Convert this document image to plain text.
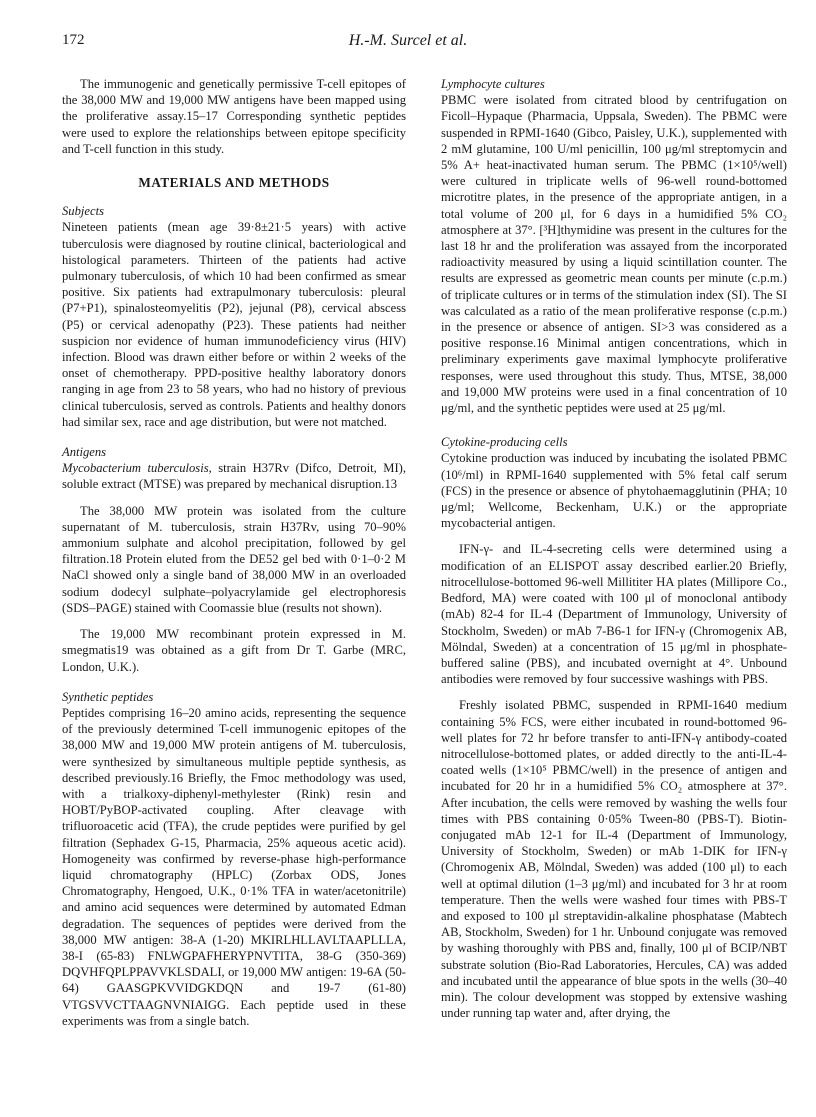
172	H.-M. Surcel et al.

The immunogenic and genetically permissive T-cell epitopes of the 38,000 MW and 19,000 MW antigens have been mapped using the proliferative assay.15–17 Corresponding synthetic peptides were used to explore the relationships between epitope specificity and T-cell function in this study.

MATERIALS AND METHODS
Subjects

Nineteen patients (mean age 39·8±21·5 years) with active tuberculosis were diagnosed by routine clinical, bacteriological and histological parameters. Thirteen of the patients had active pulmonary tuberculosis, of which 10 had been confirmed as smear positive. Six patients had extrapulmonary tuberculosis: pleural (P7+P1), spinalosteomyelitis (P2), jejunal (P8), cervical abscess (P5) or cervical adenopathy (P23). These patients had neither suspicion nor evidence of human immunodeficiency virus (HIV) infection. Blood was drawn either before or within 2 weeks of the onset of chemotherapy. PPD-positive healthy laboratory donors ranging in age from 23 to 58 years, who had no history of previous clinical tuberculosis, served as controls. Patients and healthy donors had similar sex, race and age distribution, but were not matched.

Antigens

Mycobacterium tuberculosis, strain H37Rv (Difco, Detroit, MI), soluble extract (MTSE) was prepared by mechanical disruption.13

The 38,000 MW protein was isolated from the culture supernatant of M. tuberculosis, strain H37Rv, using 70–90% ammonium sulphate and alcohol precipitation, followed by gel filtration.18 Protein eluted from the DE52 gel bed with 0·1–0·2 M NaCl showed only a single band of 38,000 MW in an overloaded sodium dodecyl sulphate–polyacrylamide gel electrophoresis (SDS–PAGE) stained with Coomassie blue (results not shown).

The 19,000 MW recombinant protein expressed in M. smegmatis19 was obtained as a gift from Dr T. Garbe (MRC, London, U.K.).

Synthetic peptides

Peptides comprising 16–20 amino acids, representing the sequence of the previously determined T-cell immunogenic epitopes of the 38,000 MW and 19,000 MW protein antigens of M. tuberculosis, were synthesized by simultaneous multiple peptide synthesis, as described previously.16 Briefly, the Fmoc methodology was used, with a trialkoxy-diphenyl-methylester (Rink) resin and HOBT/PyBOP-activated coupling. After cleavage with trifluoroacetic acid (TFA), the crude peptides were purified by gel filtration (Sephadex G-15, Pharmacia, 25% aqueous acetic acid). Homogeneity was confirmed by reverse-phase high-performance liquid chromatography (HPLC) (Zorbax ODS, Jones Chromatography, Hengoed, U.K., 0·1% TFA in water/acetonitrile) and amino acid sequences were determined by automated Edman degradation. The sequences of peptides were derived from the 38,000 MW antigen: 38-A (1-20) MKIRLHLLAVLTAAPLLLA, 38-I (65-83) FNLWGPAFHERYPNVTITA, 38-G (350-369) DQVHFQPLPPAVVKLSDALI, or 19,000 MW antigen: 19-6A (50-64) GAASGPKVVIDGKDQN and 19-7 (61-80) VTGSVVCTTAAGNVNIAIGG. Each peptide used in these experiments was from a single batch.

Lymphocyte cultures

PBMC were isolated from citrated blood by centrifugation on Ficoll–Hypaque (Pharmacia, Uppsala, Sweden). The PBMC were suspended in RPMI-1640 (Gibco, Paisley, U.K.), supplemented with 2 mM glutamine, 100 U/ml penicillin, 100 μg/ml streptomycin and 5% A+ heat-inactivated human serum. The PBMC (1×10⁵/well) were cultured in triplicate wells of 96-well round-bottomed microtitre plates, in the presence of the appropriate antigen, in a total volume of 200 μl, for 6 days in a humidified 5% CO₂ atmosphere at 37°. [³H]thymidine was present in the cultures for the last 18 hr and the proliferation was assayed from the incorporated radioactivity measured by using a liquid scintillation counter. The results are expressed as geometric mean counts per minute (c.p.m.) of triplicate cultures or in terms of the stimulation index (SI). The SI was calculated as a ratio of the mean proliferative response (c.p.m.) in the presence or absence of antigen. SI>3 was considered as a positive response.16 Minimal antigen concentrations, which in preliminary experiments gave maximal lymphocyte proliferative responses, were used throughout this study. Thus, MTSE, 38,000 and 19,000 MW proteins were used in a final concentration of 10 μg/ml, and the synthetic peptides were used at 25 μg/ml.

Cytokine-producing cells

Cytokine production was induced by incubating the isolated PBMC (10⁶/ml) in RPMI-1640 supplemented with 5% fetal calf serum (FCS) in the presence or absence of phytohaemagglutinin (PHA; 10 μg/ml; Wellcome, Beckenham, U.K.) or the appropriate mycobacterial antigen.

IFN-γ- and IL-4-secreting cells were determined using a modification of an ELISPOT assay described earlier.20 Briefly, nitrocellulose-bottomed 96-well Millititer HA plates (Millipore Co., Bedford, MA) were coated with 100 μl of monoclonal antibody (mAb) 82-4 for IL-4 (Department of Immunology, University of Stockholm, Sweden) or mAb 7-B6-1 for IFN-γ (Chromogenix AB, Mölndal, Sweden) at a concentration of 15 μg/ml in phosphate-buffered saline (PBS), and incubated overnight at 4°. Unbound antibodies were removed by four successive washings with PBS.

Freshly isolated PBMC, suspended in RPMI-1640 medium containing 5% FCS, were either incubated in round-bottomed 96-well plates for 72 hr before transfer to anti-IFN-γ antibody-coated nitrocellulose-bottomed plates, or added directly to the anti-IL-4-coated wells (1×10⁵ PBMC/well) in the presence of antigen and incubated for 20 hr in a humidified 5% CO₂ atmosphere at 37°. After incubation, the cells were removed by washing the wells four times with PBS containing 0·05% Tween-80 (PBS-T). Biotin-conjugated mAb 12-1 for IL-4 (Department of Immunology, University of Stockholm, Sweden) or mAb 1-DIK for IFN-γ (Chromogenix AB, Mölndal, Sweden) was added (100 μl) to each well at optimal dilution (1–3 μg/ml) and incubated for 3 hr at room temperature. Then the wells were washed four times with PBS-T and exposed to 100 μl streptavidin-alkaline phosphatase (Mabtech AB, Stockholm, Sweden) for 1 hr. Unbound conjugate was removed by washing thoroughly with PBS and, finally, 100 μl of BCIP/NBT substrate solution (Bio-Rad Laboratories, Hercules, CA) was added and incubated until the appearance of blue spots in the wells (30–40 min). The colour development was stopped by extensive washing under running tap water and, after drying, the
